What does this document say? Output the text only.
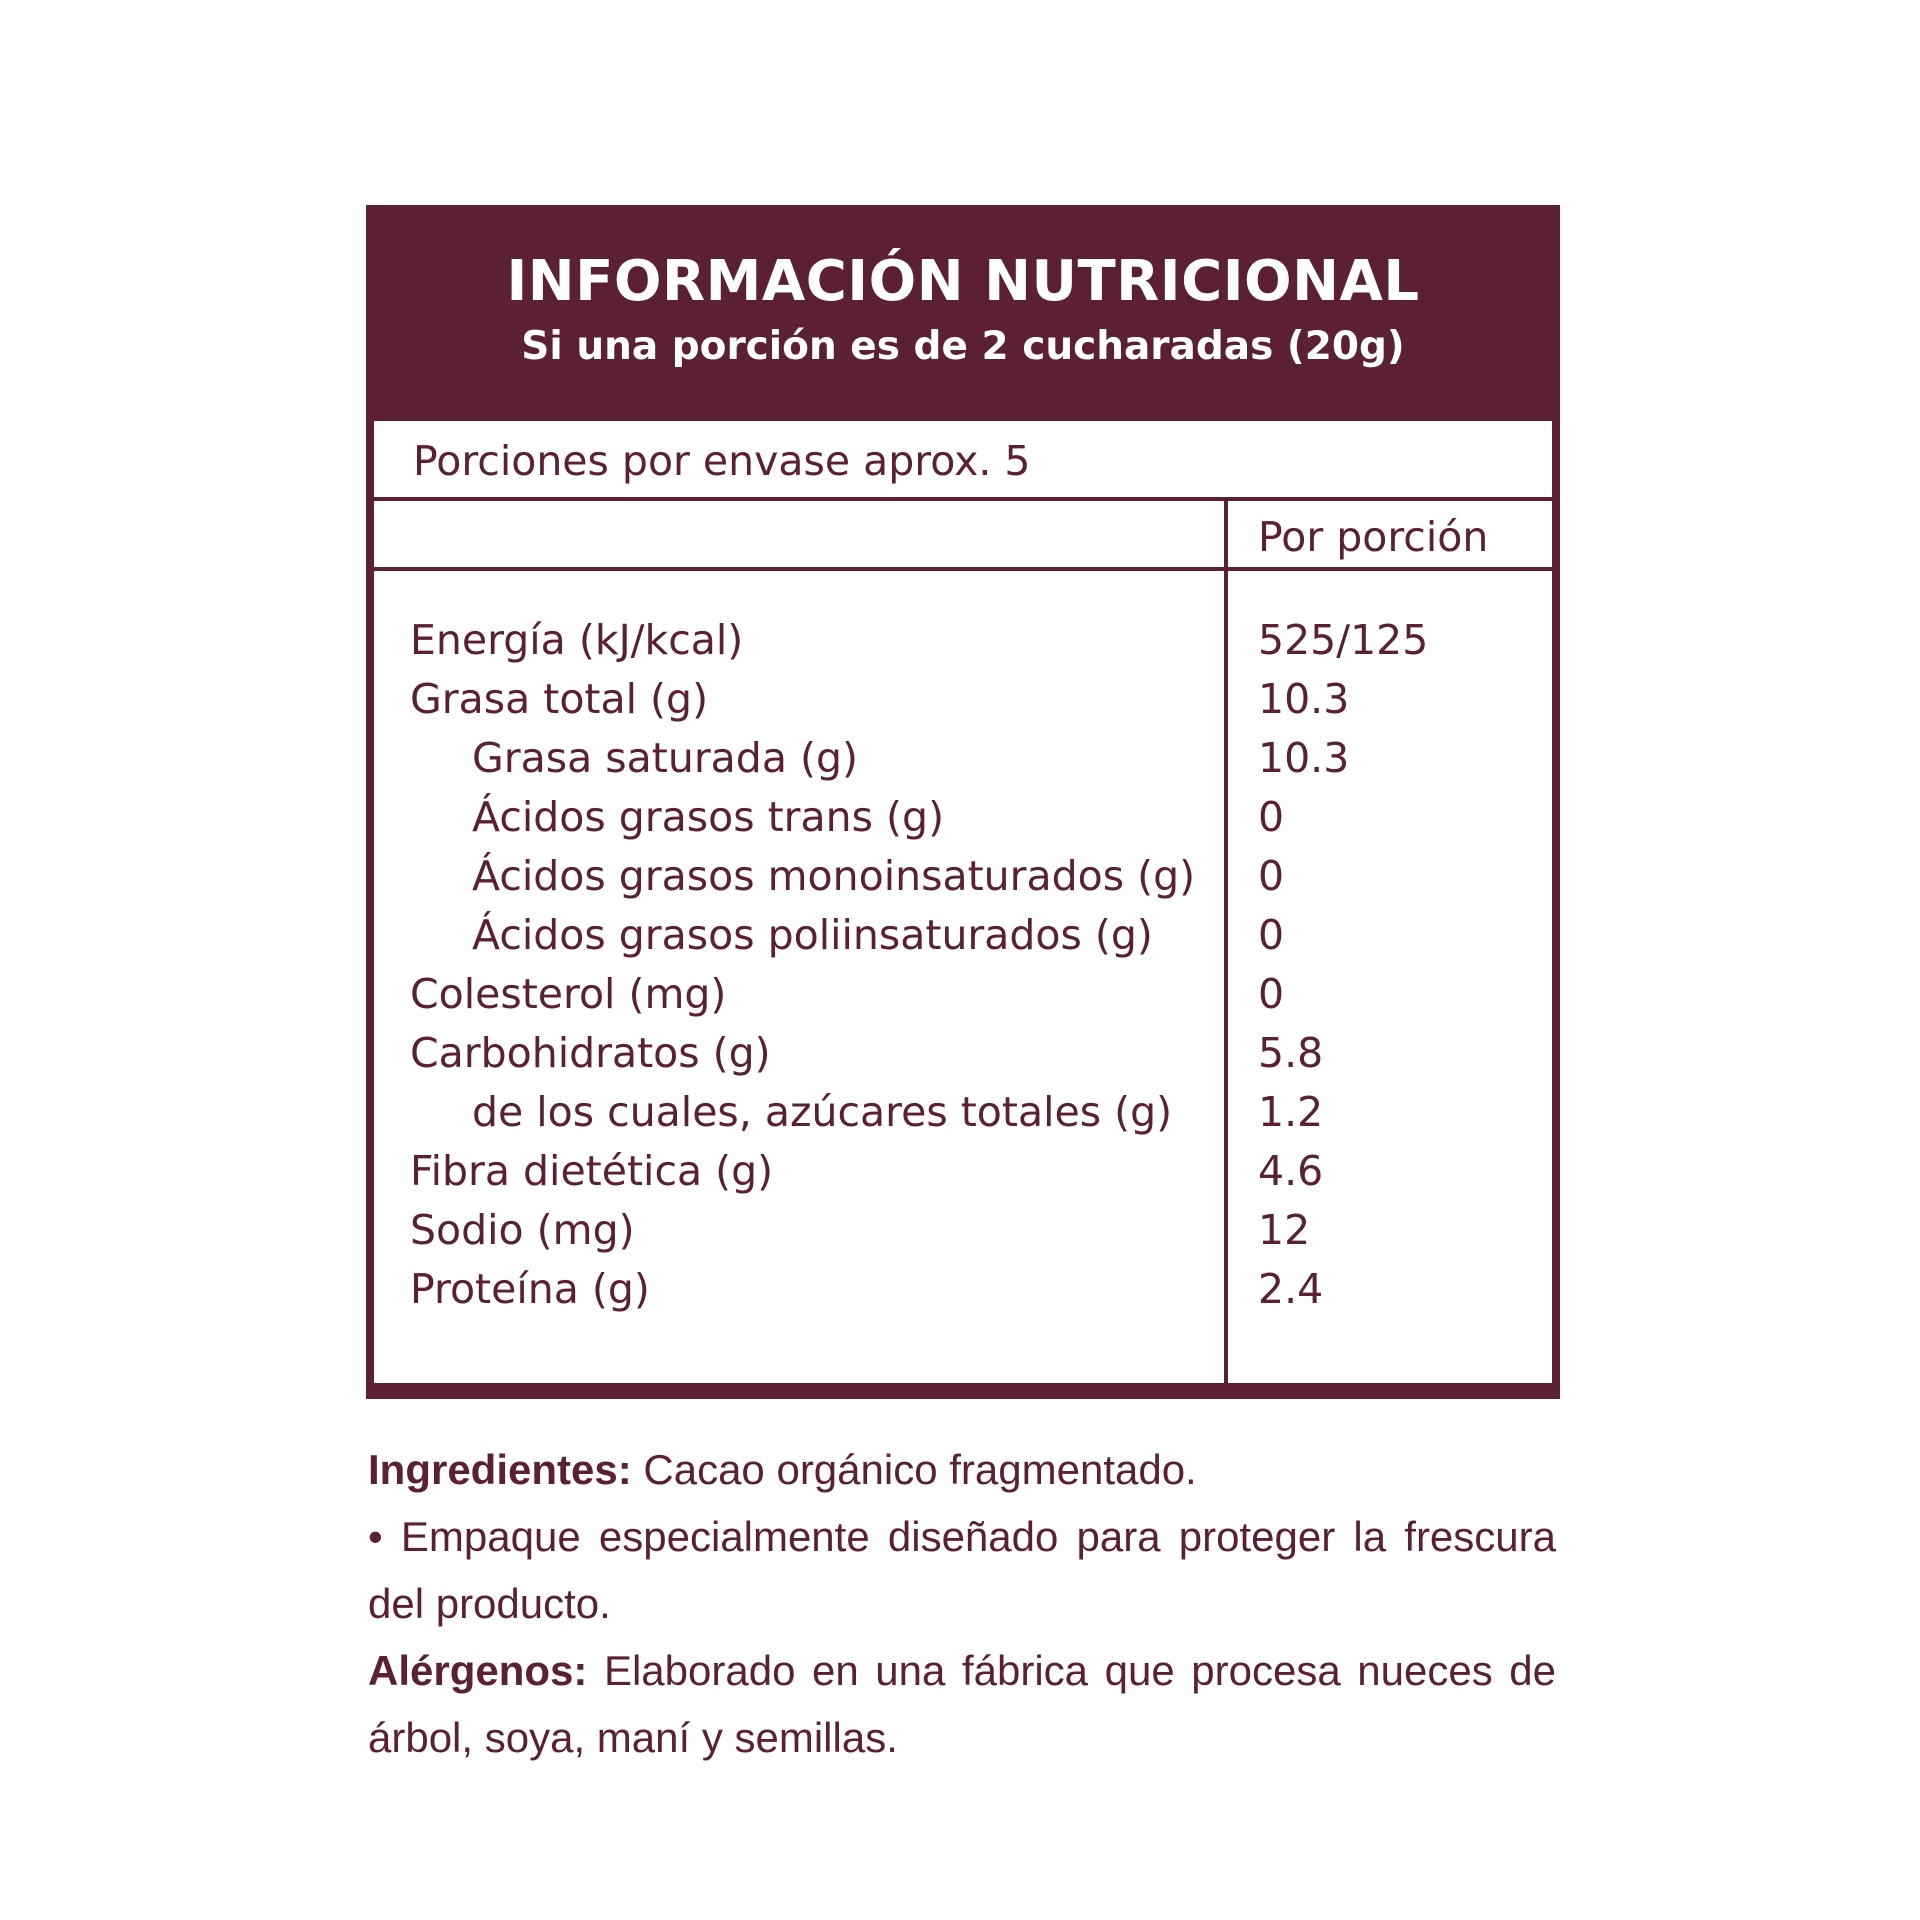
INFORMACIÓN NUTRICIONAL
Si una porción es de 2 cucharadas (20g)
Porciones por envase aprox. 5
Por porción
Energía (kJ/kcal)	525/125
Grasa total (g)	10.3
Grasa saturada (g)	10.3
Ácidos grasos trans (g)	0
Ácidos grasos monoinsaturados (g) 0
Ácidos grasos poliinsaturados (g)	0
Colesterol (mg)	0
Carbohidratos (g)	5.8
de los cuales, azúcares totales (g) 1.2
Fibra dietética (g)	4.6
Sodio (mg)	12
Proteína (g)	2.4

Ingredientes: Cacao orgánico fragmentado.

• Empaque especialmente diseñado para proteger la frescura del producto.

Alérgenos: Elaborado en una fábrica que procesa nueces de árbol, soya, maní y semillas.
